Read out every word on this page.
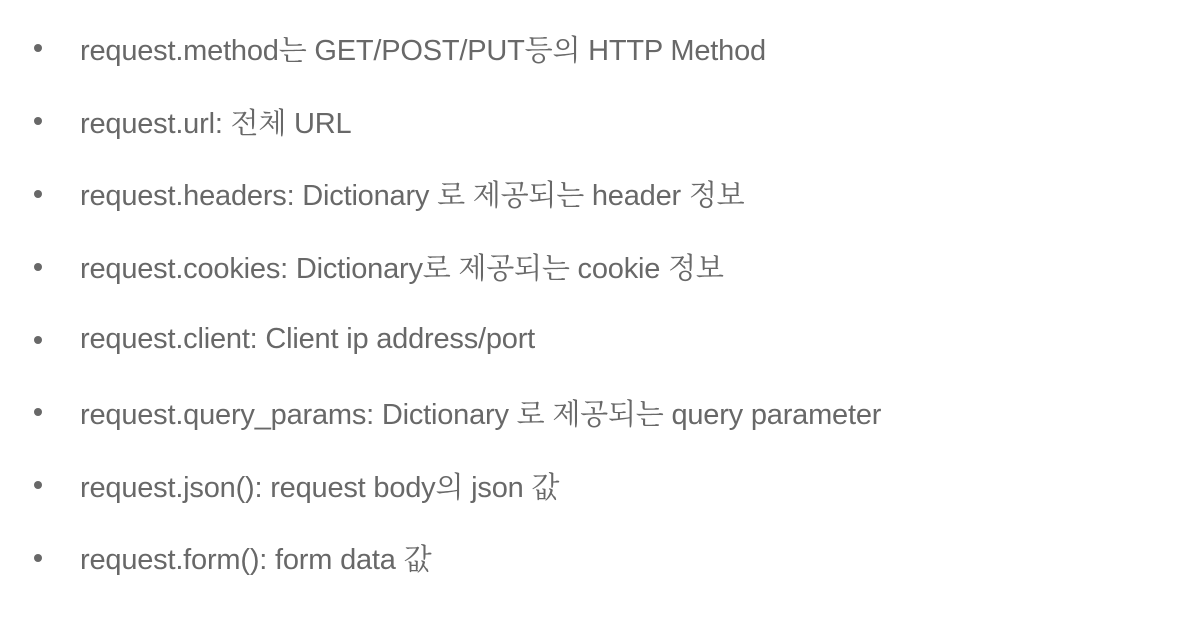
request.method는 GET/POST/PUT등의 HTTP Method
request.url: 전체 URL
request.headers: Dictionary 로 제공되는 header 정보
request.cookies: Dictionary로 제공되는 cookie 정보
request.client: Client ip address/port
request.query_params: Dictionary 로 제공되는 query parameter
request.json(): request body의 json 값
request.form(): form data 값
